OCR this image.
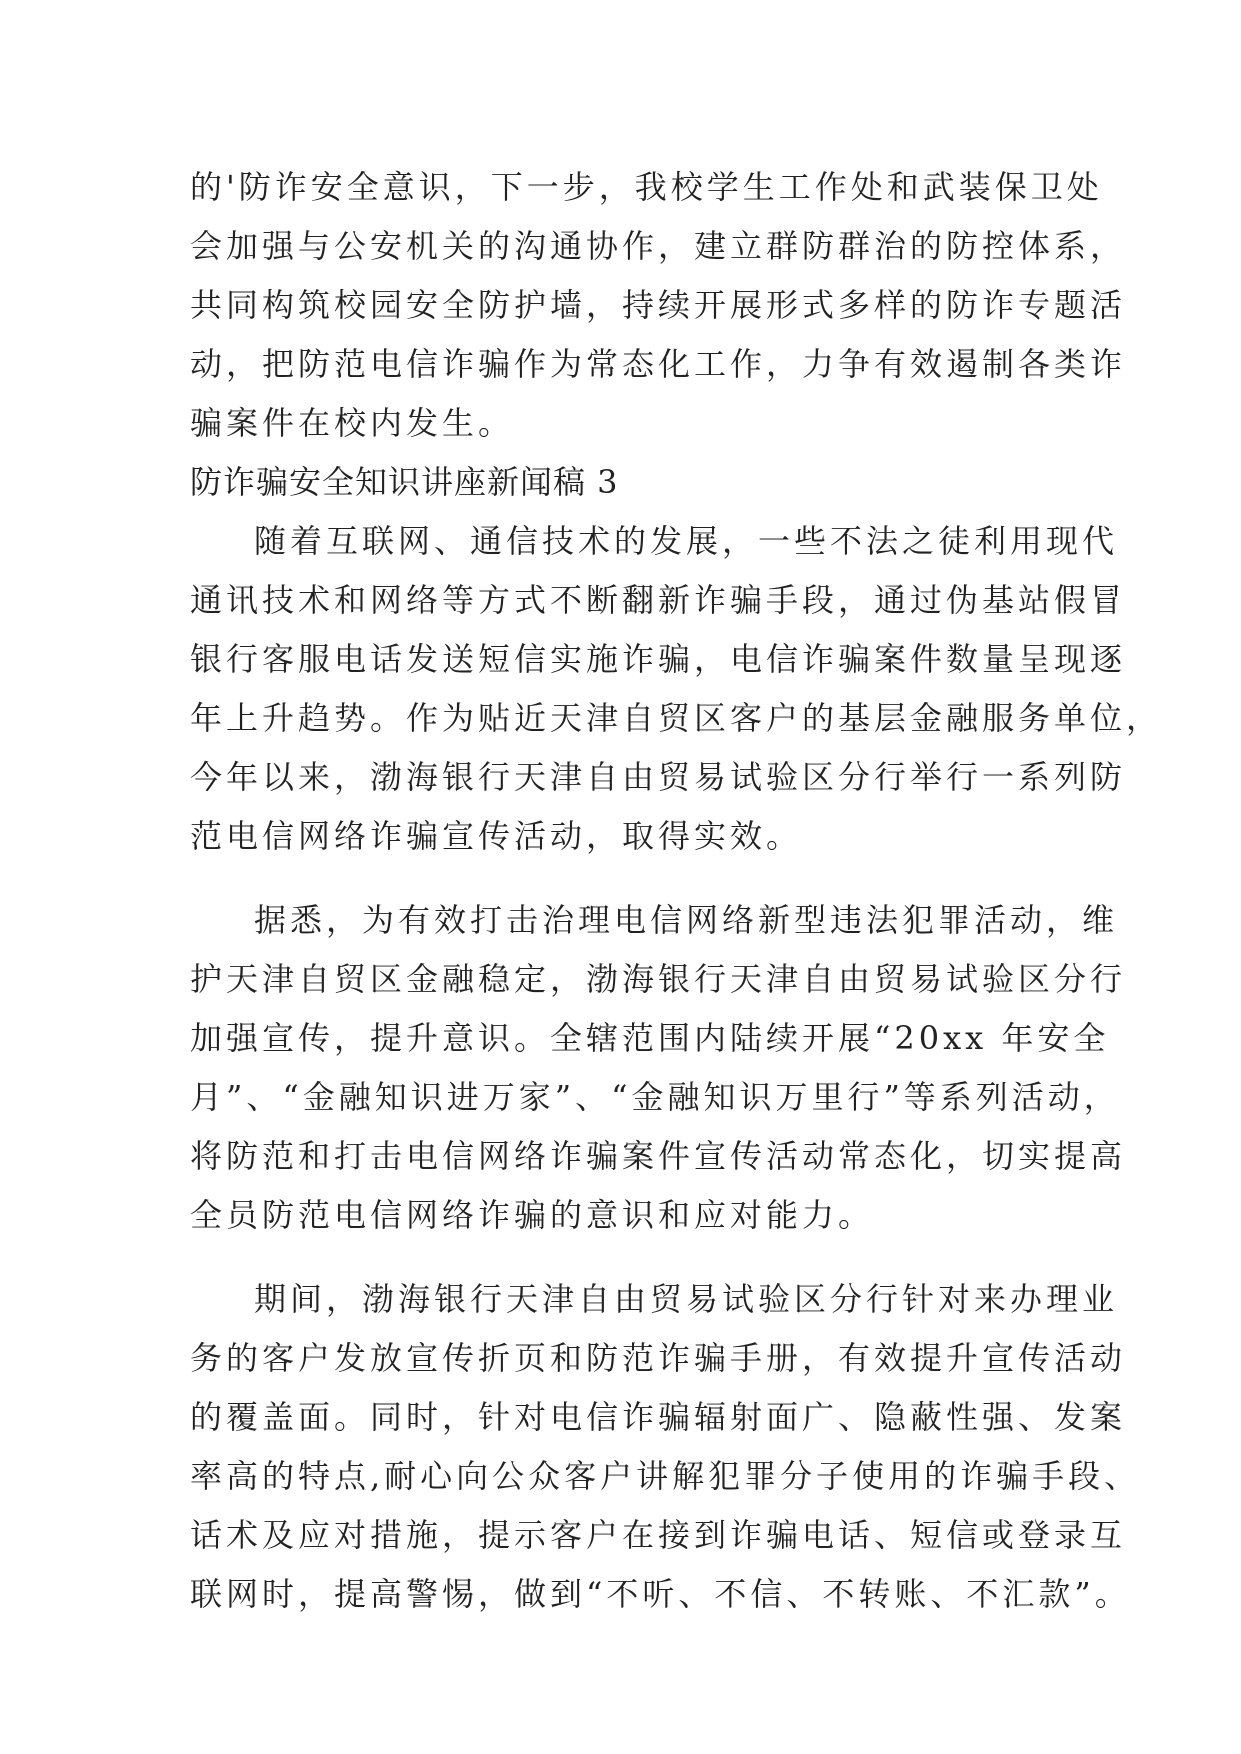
的'防诈安全意识，下一步，我校学生工作处和武装保卫处
会加强与公安机关的沟通协作，建立群防群治的防控体系，
共同构筑校园安全防护墙，持续开展形式多样的防诈专题活
动，把防范电信诈骗作为常态化工作，力争有效遏制各类诈
骗案件在校内发生。
防诈骗安全知识讲座新闻稿 3
随着互联网、通信技术的发展，一些不法之徒利用现代
通讯技术和网络等方式不断翻新诈骗手段，通过伪基站假冒
银行客服电话发送短信实施诈骗，电信诈骗案件数量呈现逐
年上升趋势。作为贴近天津自贸区客户的基层金融服务单位，
今年以来，渤海银行天津自由贸易试验区分行举行一系列防
范电信网络诈骗宣传活动，取得实效。
据悉，为有效打击治理电信网络新型违法犯罪活动，维
护天津自贸区金融稳定，渤海银行天津自由贸易试验区分行
加强宣传，提升意识。全辖范围内陆续开展“20xx 年安全
月”、“金融知识进万家”、“金融知识万里行”等系列活动，
将防范和打击电信网络诈骗案件宣传活动常态化，切实提高
全员防范电信网络诈骗的意识和应对能力。
期间，渤海银行天津自由贸易试验区分行针对来办理业
务的客户发放宣传折页和防范诈骗手册，有效提升宣传活动
的覆盖面。同时，针对电信诈骗辐射面广、隐蔽性强、发案
率高的特点,耐心向公众客户讲解犯罪分子使用的诈骗手段、
话术及应对措施，提示客户在接到诈骗电话、短信或登录互
联网时，提高警惕，做到“不听、不信、不转账、不汇款”。
